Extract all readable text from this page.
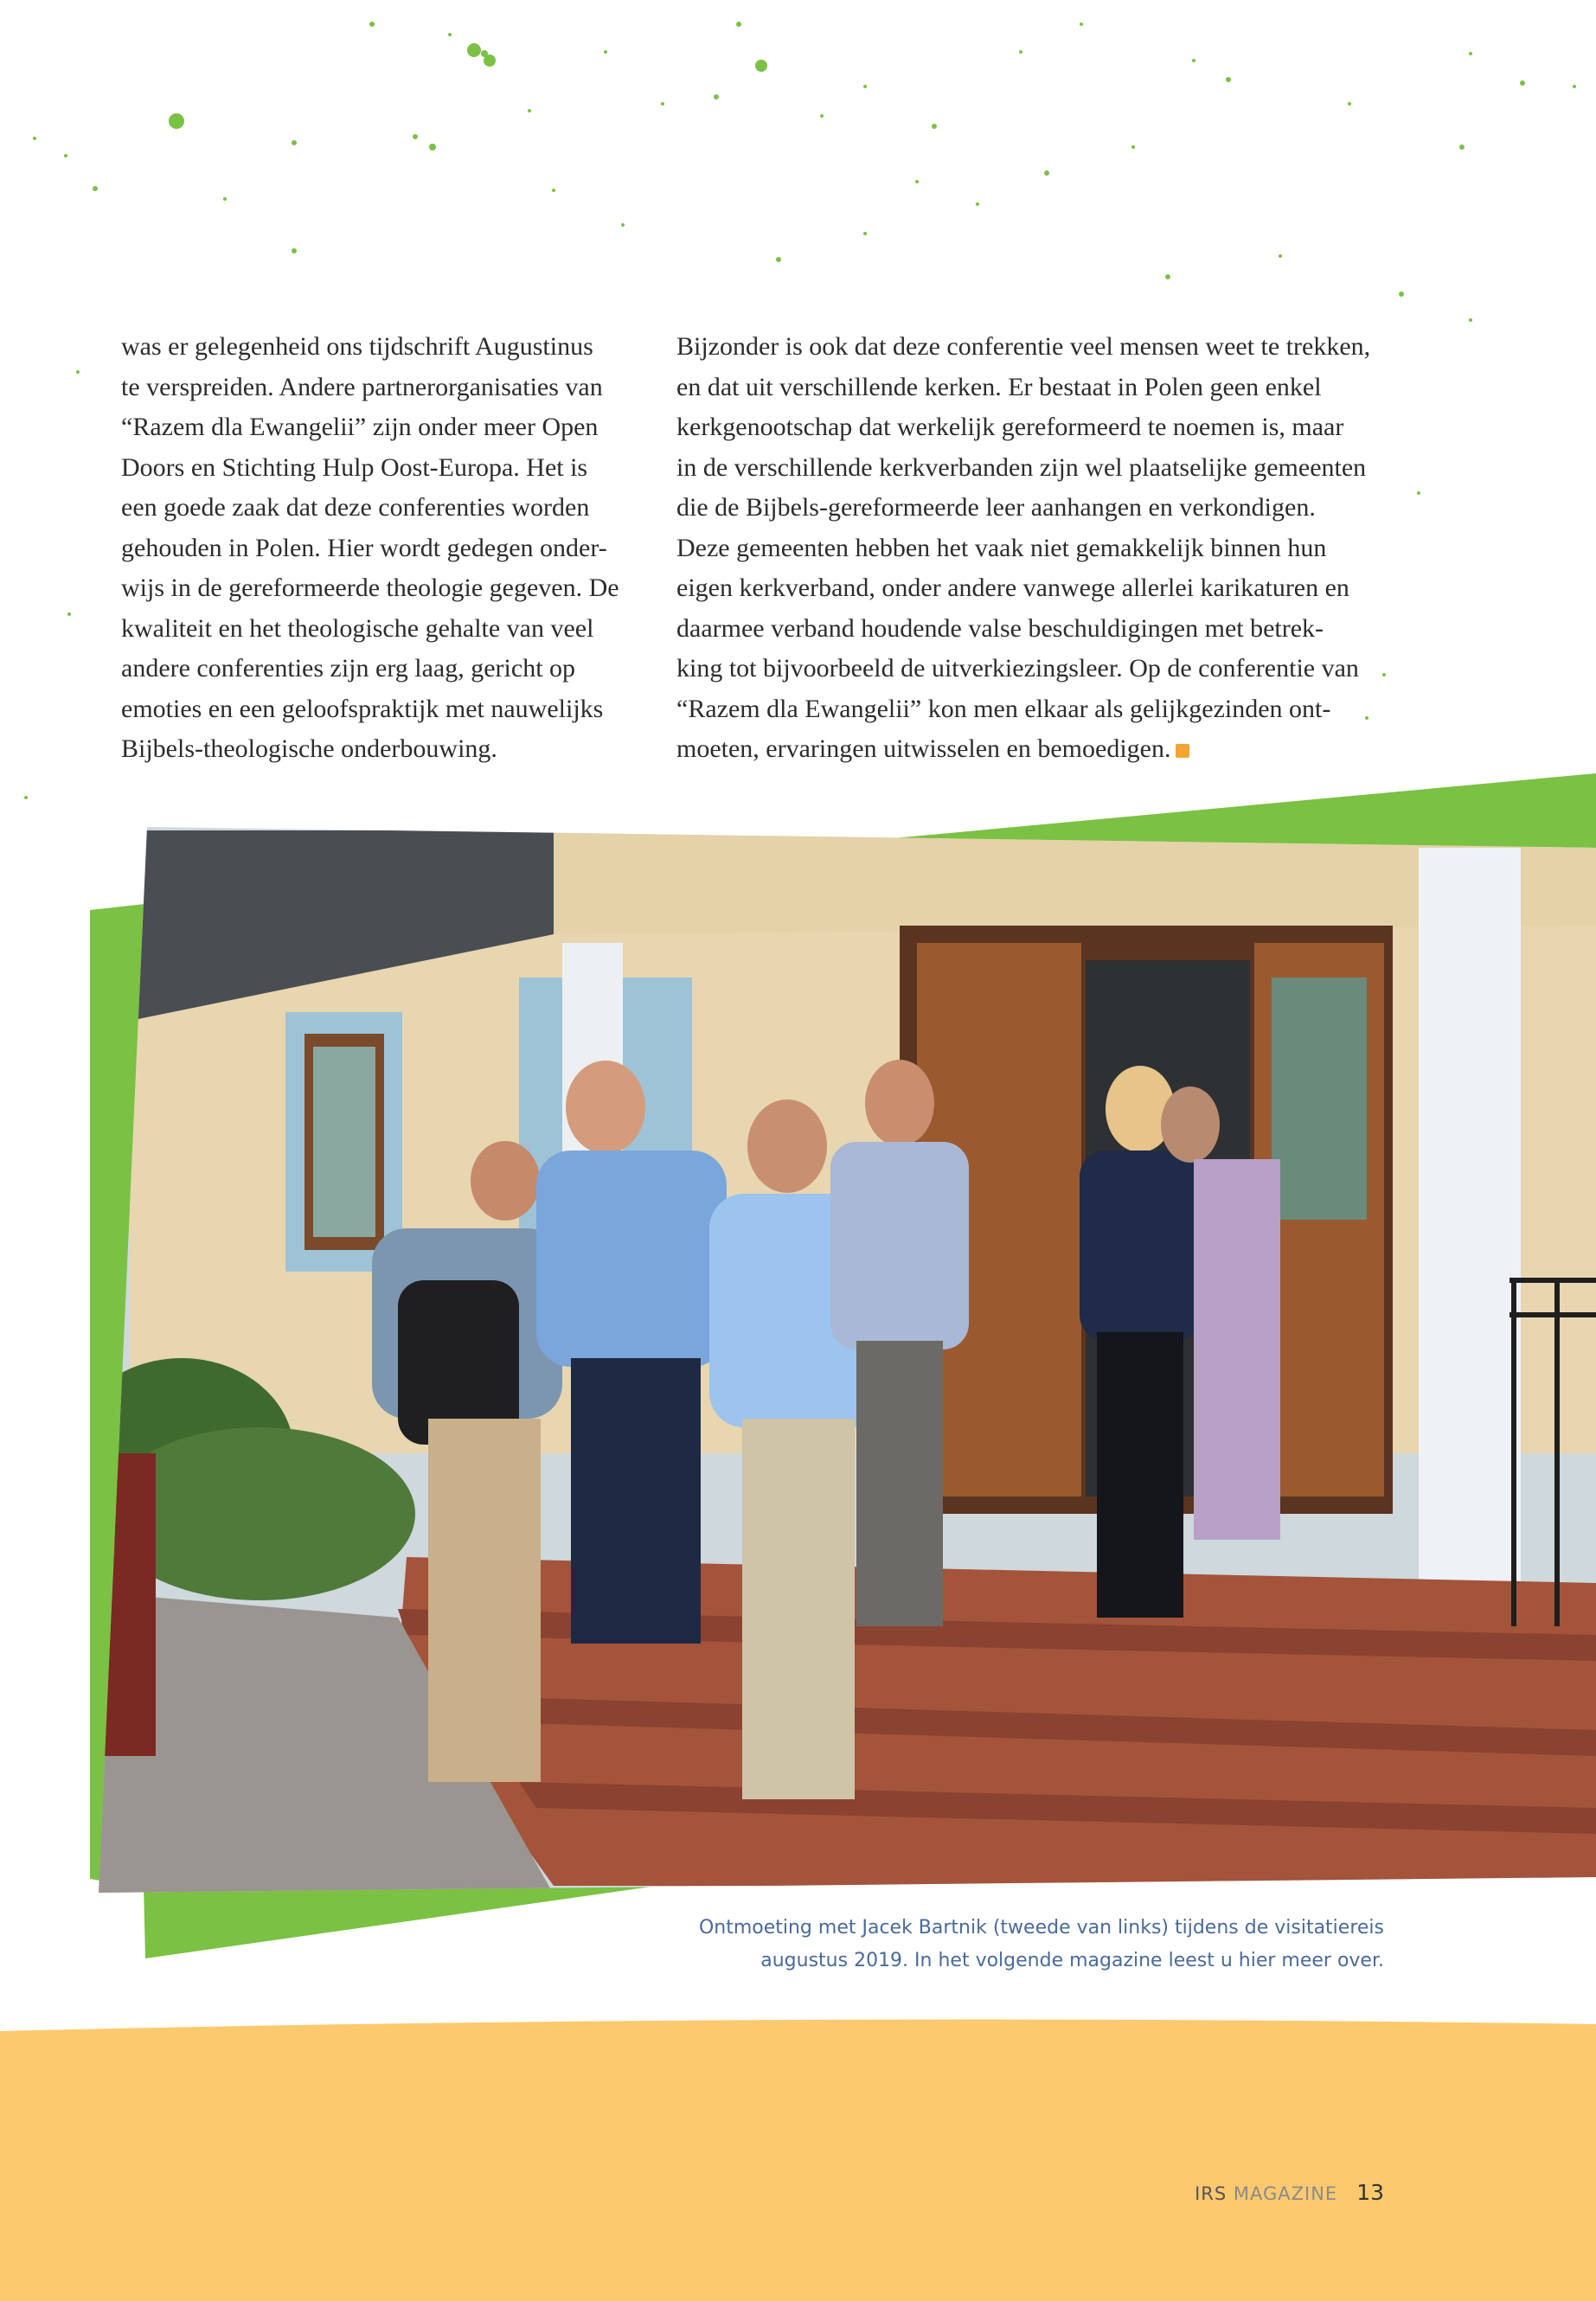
was er gelegenheid ons tijdschrift Augustinus

te verspreiden. Andere partnerorganisaties van

“Razem dla Ewangelii” zijn onder meer Open

Doors en Stichting Hulp Oost-Europa. Het is

een goede zaak dat deze conferenties worden

gehouden in Polen. Hier wordt gedegen onder-

wijs in de gereformeerde theologie gegeven. De

kwaliteit en het theologische gehalte van veel

andere conferenties zijn erg laag, gericht op

emoties en een geloofspraktijk met nauwelijks

Bijbels-theologische onderbouwing.

Bijzonder is ook dat deze conferentie veel mensen weet te trekken,

en dat uit verschillende kerken. Er bestaat in Polen geen enkel

kerkgenootschap dat werkelijk gereformeerd te noemen is, maar

in de verschillende kerkverbanden zijn wel plaatselijke gemeenten

die de Bijbels-gereformeerde leer aanhangen en verkondigen.

Deze gemeenten hebben het vaak niet gemakkelijk binnen hun

eigen kerkverband, onder andere vanwege allerlei karikaturen en

daarmee verband houdende valse beschuldigingen met betrek-

king tot bijvoorbeeld de uitverkiezingsleer. Op de conferentie van

“Razem dla Ewangelii” kon men elkaar als gelijkgezinden ont-

moeten, ervaringen uitwisselen en bemoedigen.

Ontmoeting met Jacek Bartnik (tweede van links) tijdens de visitatiereis
augustus 2019. In het volgende magazine leest u hier meer over.
IRS MAGAZINE 13
